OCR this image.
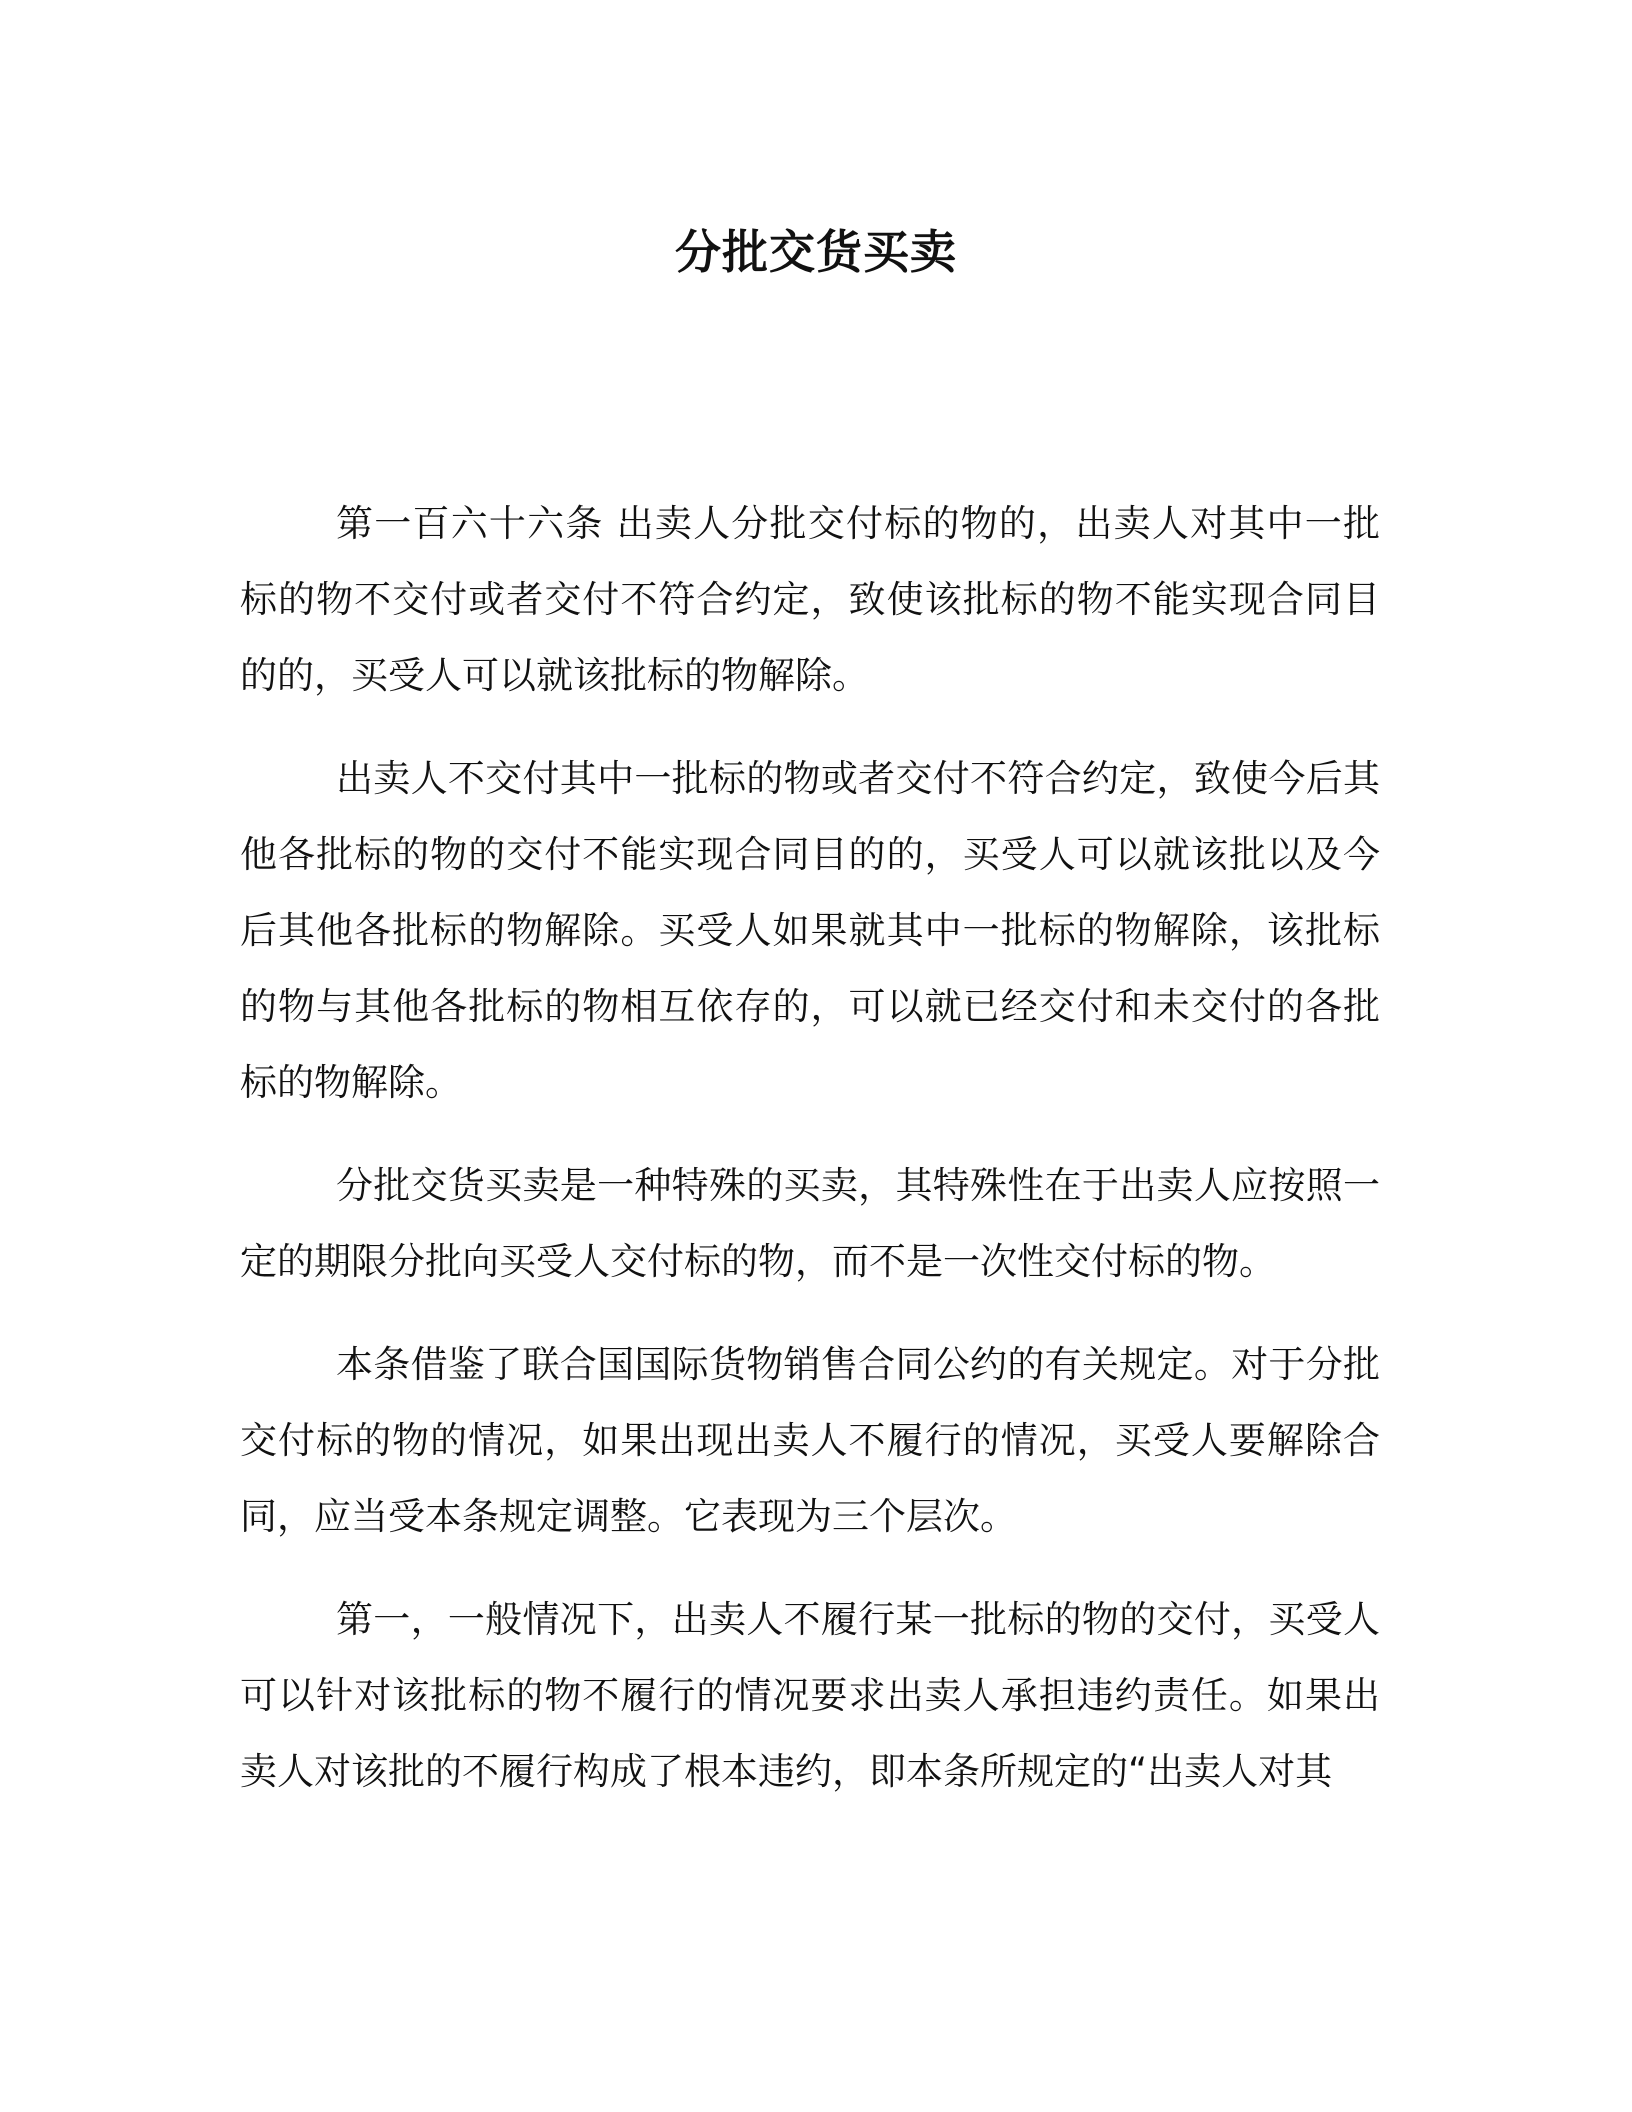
分批交货买卖

第一百六十六条 出卖人分批交付标的物的，出卖人对其中一批标的物不交付或者交付不符合约定，致使该批标的物不能实现合同目的的，买受人可以就该批标的物解除。

出卖人不交付其中一批标的物或者交付不符合约定，致使今后其他各批标的物的交付不能实现合同目的的，买受人可以就该批以及今后其他各批标的物解除。买受人如果就其中一批标的物解除，该批标的物与其他各批标的物相互依存的，可以就已经交付和未交付的各批标的物解除。

分批交货买卖是一种特殊的买卖，其特殊性在于出卖人应按照一定的期限分批向买受人交付标的物，而不是一次性交付标的物。

本条借鉴了联合国国际货物销售合同公约的有关规定。对于分批交付标的物的情况，如果出现出卖人不履行的情况，买受人要解除合同，应当受本条规定调整。它表现为三个层次。

第一，一般情况下，出卖人不履行某一批标的物的交付，买受人可以针对该批标的物不履行的情况要求出卖人承担违约责任。如果出卖人对该批的不履行构成了根本违约，即本条所规定的“出卖人对其
